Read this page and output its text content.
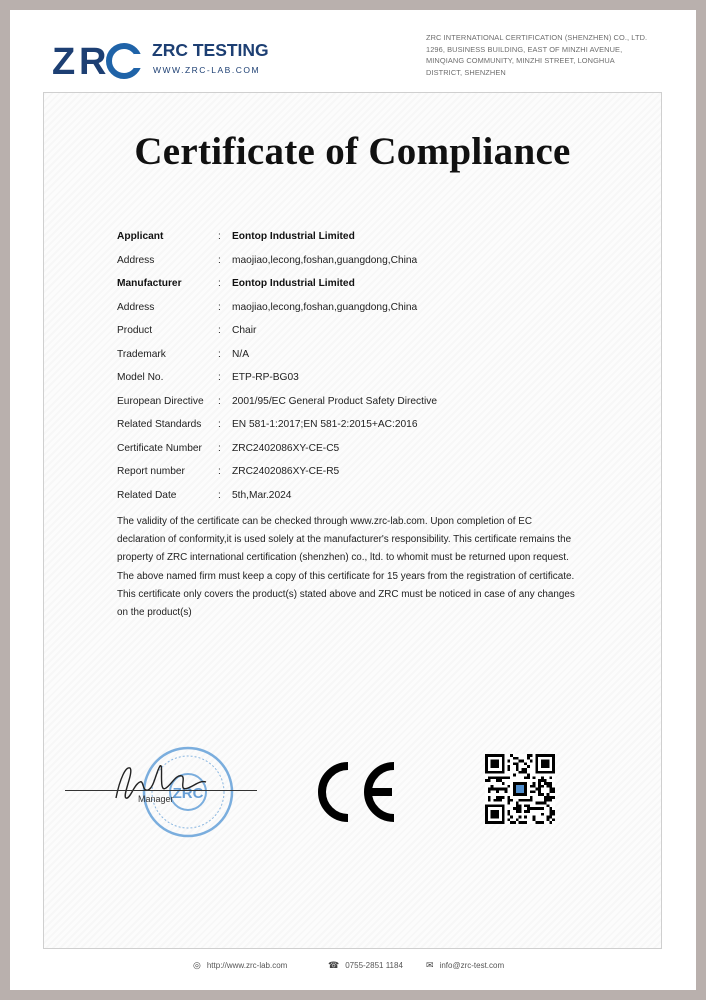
Z R	ZRC TESTING
WWW.ZRC-LAB.COM
ZRC INTERNATIONAL CERTIFICATION (SHENZHEN) CO., LTD.
1296, BUSINESS BUILDING, EAST OF MINZHI AVENUE,
MINQIANG COMMUNITY, MINZHI STREET, LONGHUA
DISTRICT, SHENZHEN
Certificate of Compliance
Applicant	: Eontop Industrial Limited
Address	: maojiao,lecong,foshan,guangdong,China
Manufacturer	: Eontop Industrial Limited
Address	: maojiao,lecong,foshan,guangdong,China
Product	: Chair
Trademark	: N/A
Model No.	: ETP-RP-BG03
European Directive : 2001/95/EC General Product Safety Directive
Related Standards : EN 581-1:2017;EN 581-2:2015+AC:2016
Certificate Number : ZRC2402086XY-CE-C5
Report number	: ZRC2402086XY-CE-R5
Related Date	: 5th,Mar.2024
The validity of the certificate can be checked through www.zrc-lab.com. Upon completion of EC
declaration of conformity,it is used solely at the manufacturer's responsibility. This certificate remains the
property of ZRC international certification (shenzhen) co., ltd. to whomit must be returned upon request.
The above named firm must keep a copy of this certificate for 15 years from the registration of certificate.
This certificate only covers the product(s) stated above and ZRC must be noticed in case of any changes
on the product(s)
ZRC
Manager
◎ http://www.zrc-lab.com	☎ 0755-2851 1184	✉ info@zrc-test.com
